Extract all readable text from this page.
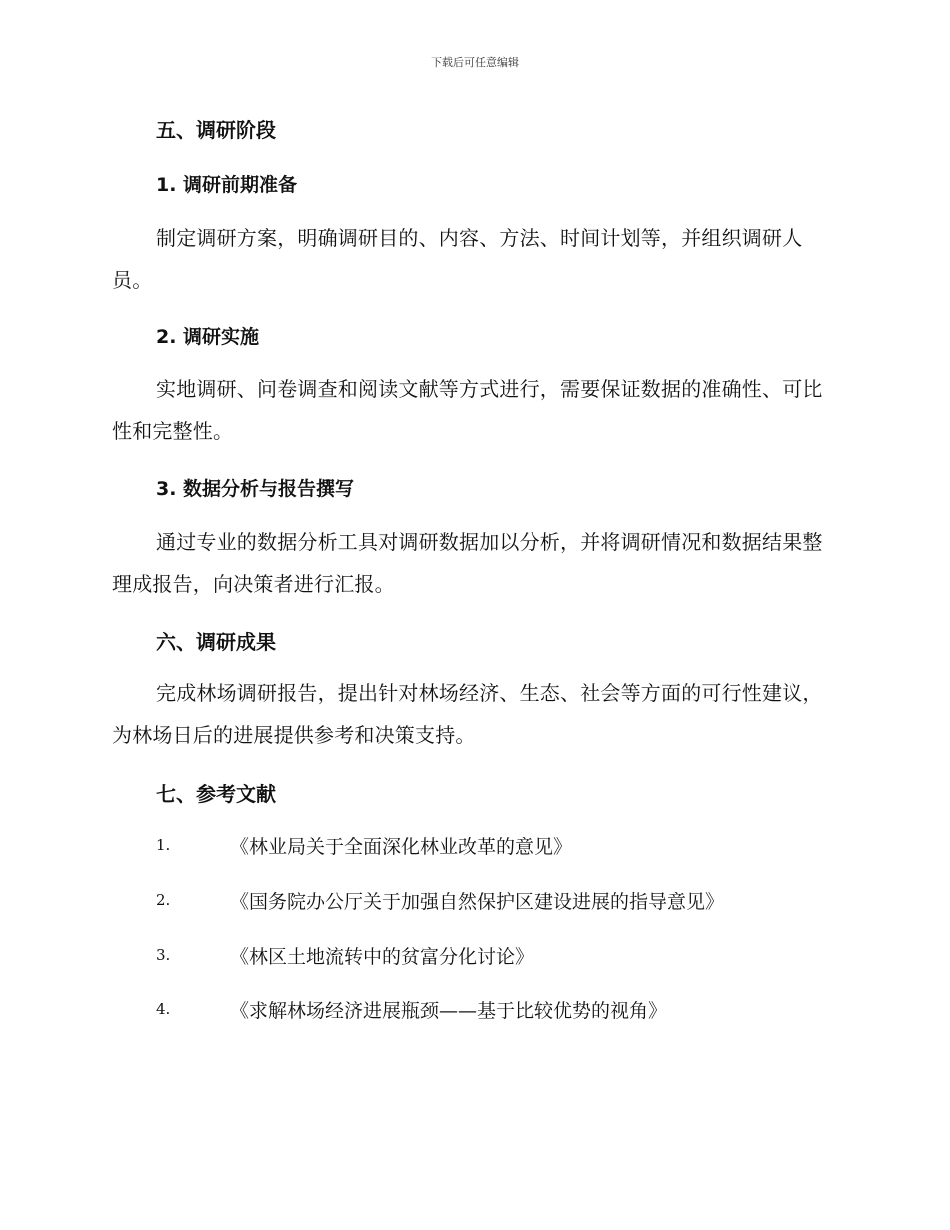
下载后可任意编辑
五、调研阶段
1. 调研前期准备
制定调研方案，明确调研目的、内容、方法、时间计划等，并组织调研人员。
2. 调研实施
实地调研、问卷调查和阅读文献等方式进行，需要保证数据的准确性、可比性和完整性。
3. 数据分析与报告撰写
通过专业的数据分析工具对调研数据加以分析，并将调研情况和数据结果整理成报告，向决策者进行汇报。
六、调研成果
完成林场调研报告，提出针对林场经济、生态、社会等方面的可行性建议，为林场日后的进展提供参考和决策支持。
七、参考文献
1.	《林业局关于全面深化林业改革的意见》
2.	《国务院办公厅关于加强自然保护区建设进展的指导意见》
3.	《林区土地流转中的贫富分化讨论》
4.	《求解林场经济进展瓶颈——基于比较优势的视角》
